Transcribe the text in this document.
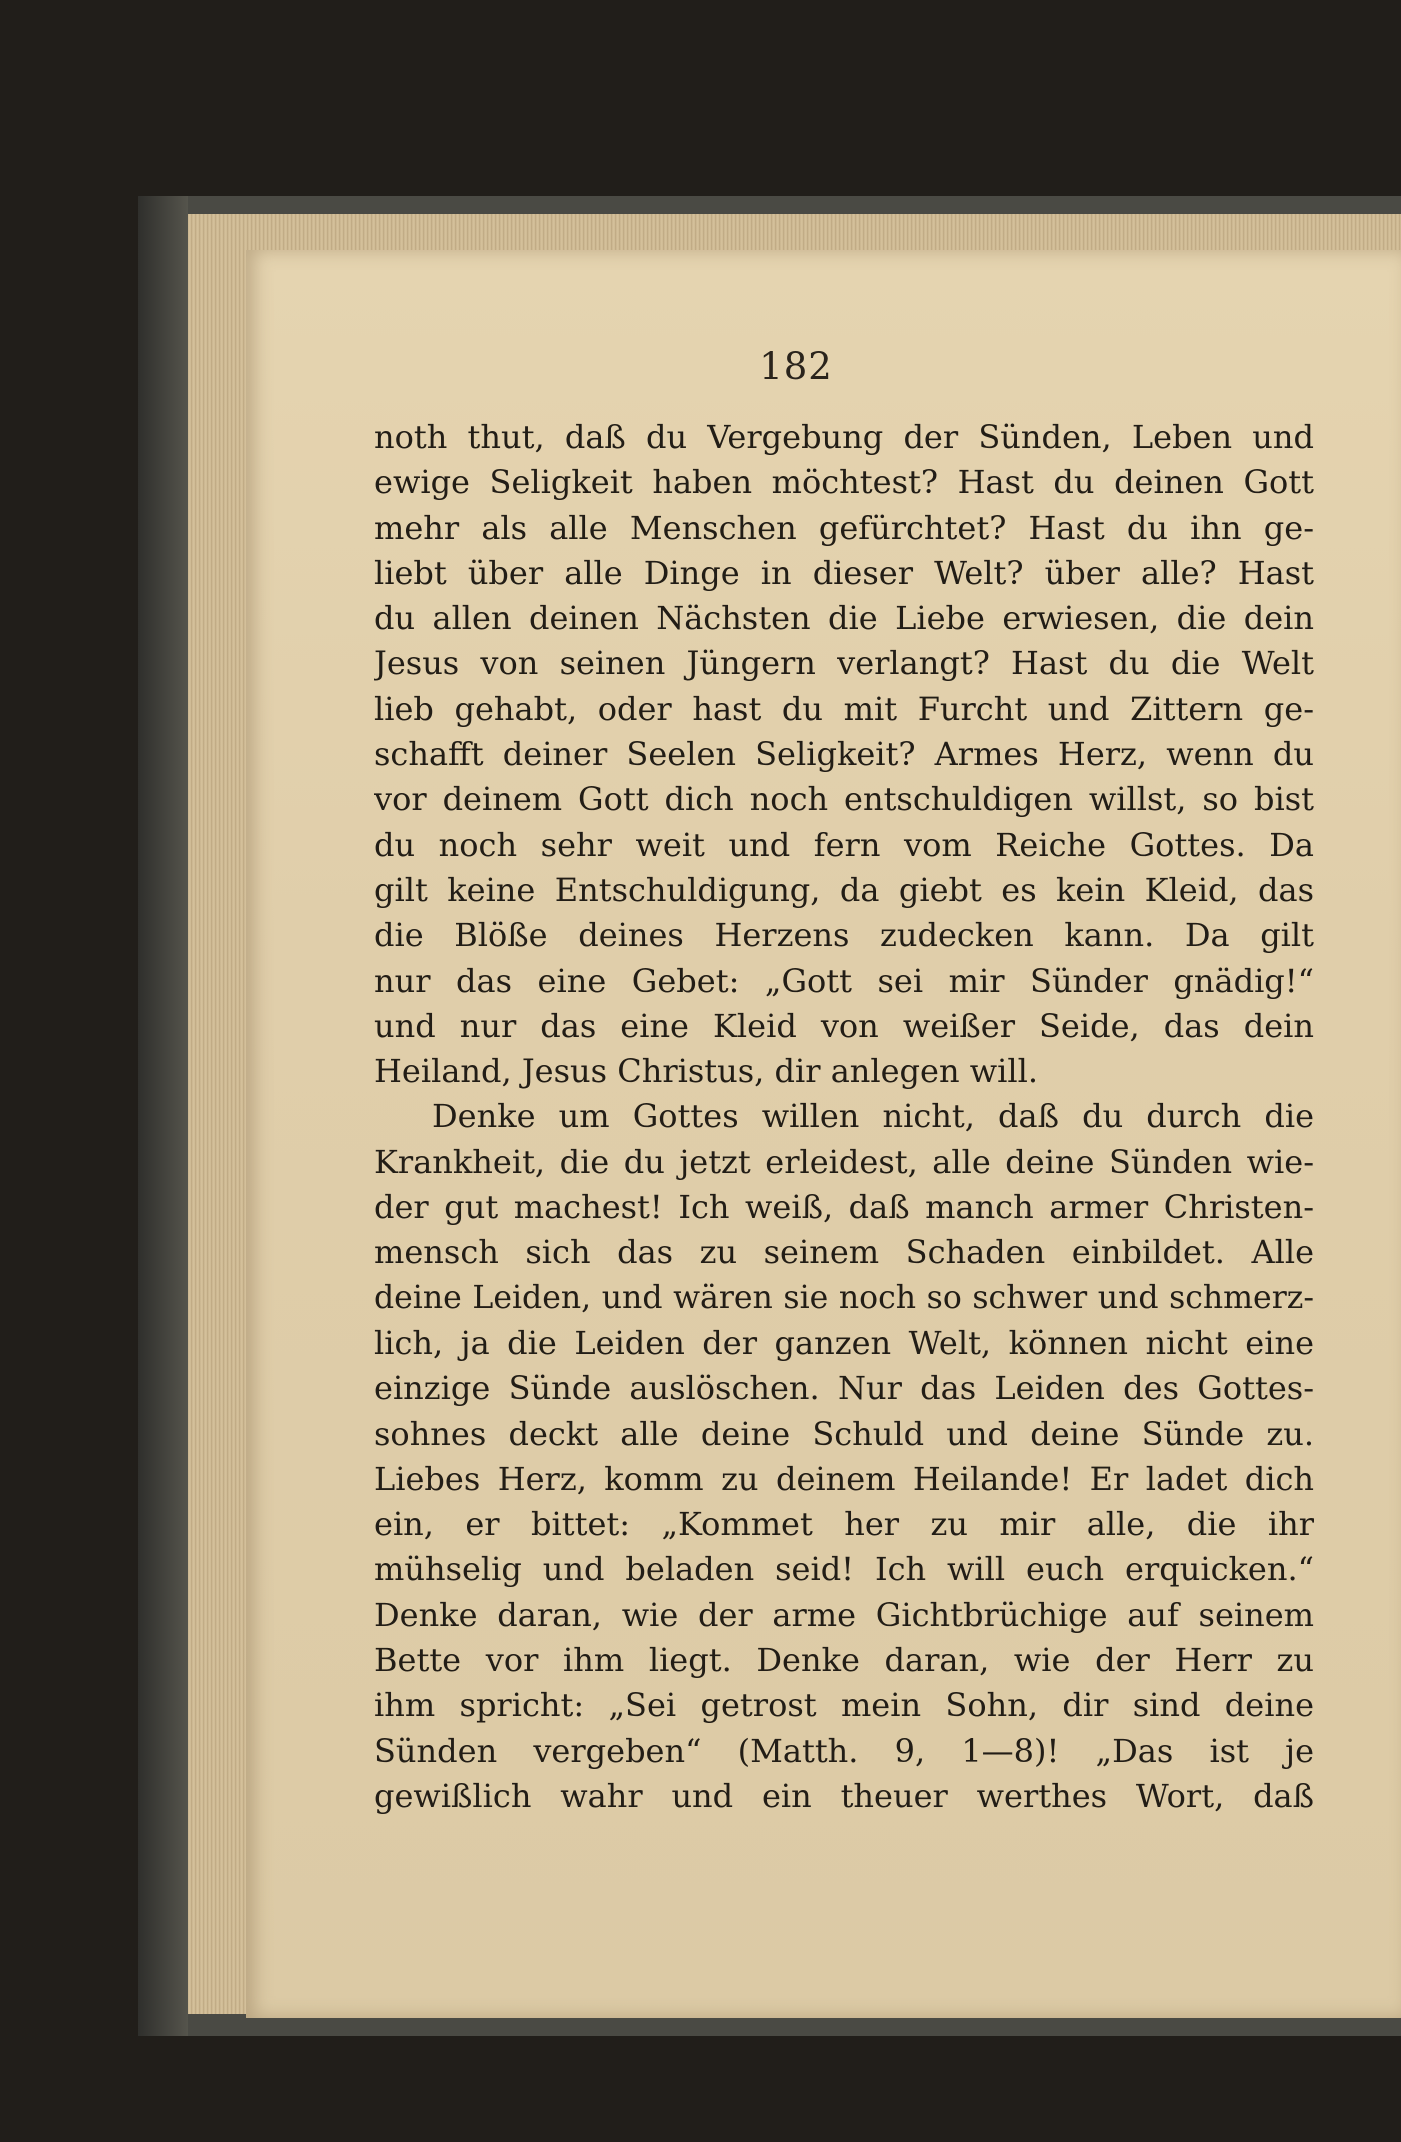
182
noth thut, daß du Vergebung der Sünden, Leben und
ewige Seligkeit haben möchtest? Hast du deinen Gott
mehr als alle Menschen gefürchtet? Hast du ihn ge-
liebt über alle Dinge in dieser Welt? über alle? Hast
du allen deinen Nächsten die Liebe erwiesen, die dein
Jesus von seinen Jüngern verlangt? Hast du die Welt
lieb gehabt, oder hast du mit Furcht und Zittern ge-
schafft deiner Seelen Seligkeit? Armes Herz, wenn du
vor deinem Gott dich noch entschuldigen willst, so bist
du noch sehr weit und fern vom Reiche Gottes. Da
gilt keine Entschuldigung, da giebt es kein Kleid, das
die Blöße deines Herzens zudecken kann. Da gilt
nur das eine Gebet: „Gott sei mir Sünder gnädig!“
und nur das eine Kleid von weißer Seide, das dein
Heiland, Jesus Christus, dir anlegen will.
Denke um Gottes willen nicht, daß du durch die
Krankheit, die du jetzt erleidest, alle deine Sünden wie-
der gut machest! Ich weiß, daß manch armer Christen-
mensch sich das zu seinem Schaden einbildet. Alle
deine Leiden, und wären sie noch so schwer und schmerz-
lich, ja die Leiden der ganzen Welt, können nicht eine
einzige Sünde auslöschen. Nur das Leiden des Gottes-
sohnes deckt alle deine Schuld und deine Sünde zu.
Liebes Herz, komm zu deinem Heilande! Er ladet dich
ein, er bittet: „Kommet her zu mir alle, die ihr
mühselig und beladen seid! Ich will euch erquicken.“
Denke daran, wie der arme Gichtbrüchige auf seinem
Bette vor ihm liegt. Denke daran, wie der Herr zu
ihm spricht: „Sei getrost mein Sohn, dir sind deine
Sünden vergeben“ (Matth. 9, 1—8)! „Das ist je
gewißlich wahr und ein theuer werthes Wort, daß
